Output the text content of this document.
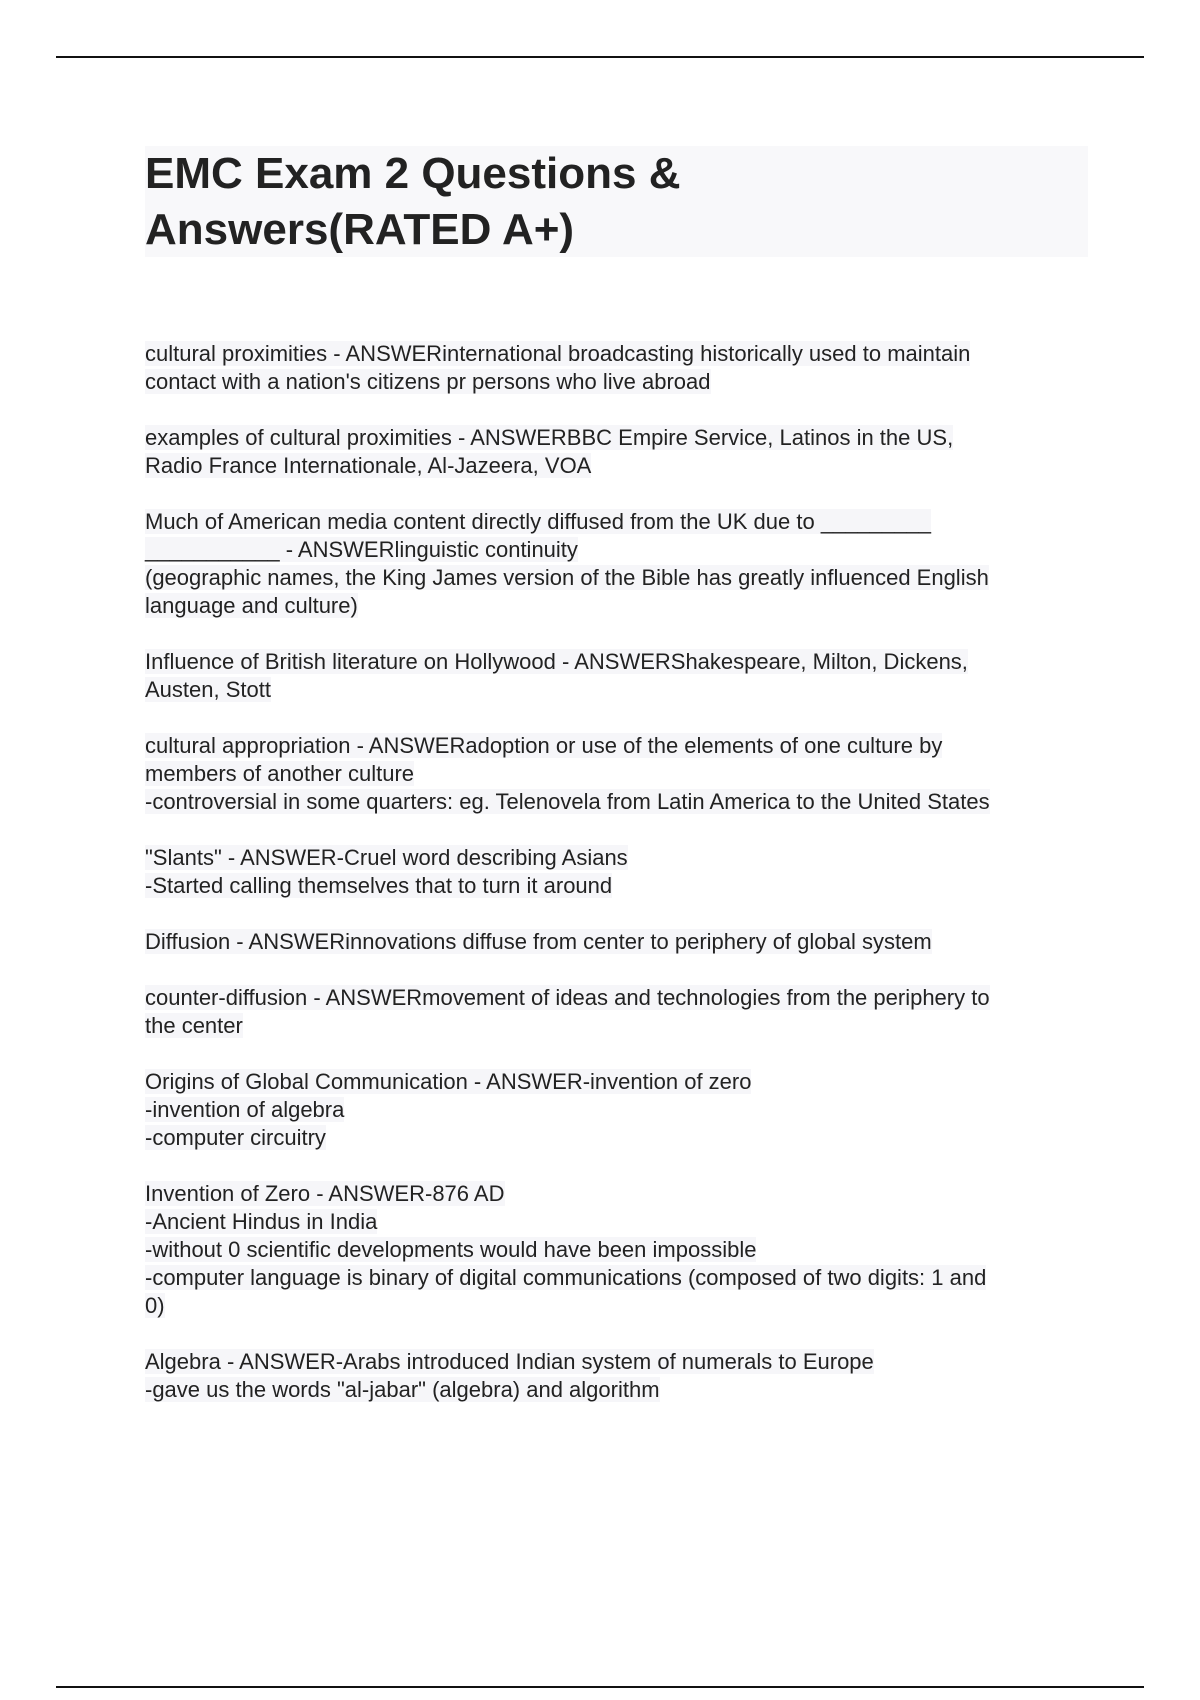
EMC Exam 2 Questions &
Answers(RATED A+)
cultural proximities - ANSWERinternational broadcasting historically used to maintain
contact with a nation's citizens pr persons who live abroad
examples of cultural proximities - ANSWERBBC Empire Service, Latinos in the US,
Radio France Internationale, Al-Jazeera, VOA
Much of American media content directly diffused from the UK due to _________
___________ - ANSWERlinguistic continuity
(geographic names, the King James version of the Bible has greatly influenced English
language and culture)
Influence of British literature on Hollywood - ANSWERShakespeare, Milton, Dickens,
Austen, Stott
cultural appropriation - ANSWERadoption or use of the elements of one culture by
members of another culture
-controversial in some quarters: eg. Telenovela from Latin America to the United States
"Slants" - ANSWER-Cruel word describing Asians
-Started calling themselves that to turn it around
Diffusion - ANSWERinnovations diffuse from center to periphery of global system
counter-diffusion - ANSWERmovement of ideas and technologies from the periphery to
the center
Origins of Global Communication - ANSWER-invention of zero
-invention of algebra
-computer circuitry
Invention of Zero - ANSWER-876 AD
-Ancient Hindus in India
-without 0 scientific developments would have been impossible
-computer language is binary of digital communications (composed of two digits: 1 and
0)
Algebra - ANSWER-Arabs introduced Indian system of numerals to Europe
-gave us the words "al-jabar" (algebra) and algorithm
